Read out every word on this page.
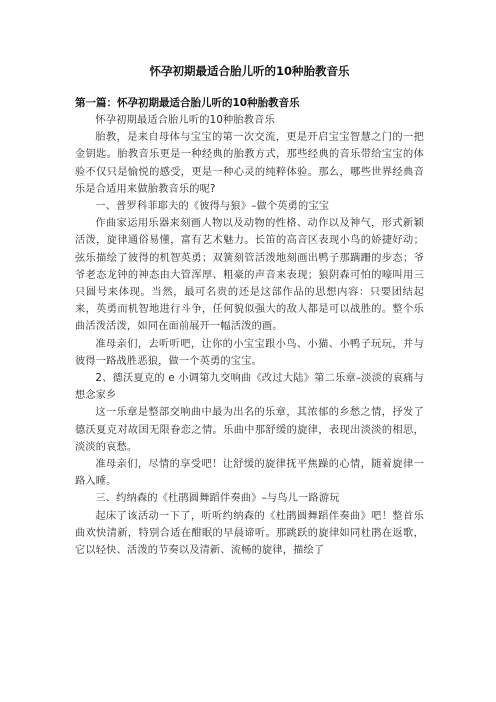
怀孕初期最适合胎儿听的10种胎教音乐
第一篇：怀孕初期最适合胎儿听的10种胎教音乐

怀孕初期最适合胎儿听的10种胎教音乐

胎教，是来自母体与宝宝的第一次交流，更是开启宝宝智慧之门的一把金钥匙。胎教音乐更是一种经典的胎教方式，那些经典的音乐带给宝宝的体验不仅只是愉悦的感受，更是一种心灵的纯粹体验。那么，哪些世界经典音乐是合适用来做胎教音乐的呢?

一、普罗科菲耶夫的《彼得与狼》–做个英勇的宝宝

作曲家运用乐器来刻画人物以及动物的性格、动作以及神气，形式新颖活泼，旋律通俗易懂，富有艺术魅力。长笛的高音区表现小鸟的娇捷好动；弦乐描绘了彼得的机智英勇；双簧刻管活泼地刻画出鸭子那蹒跚的步态；爷爷老态龙钟的神态由大管浑厚、粗豪的声音来表现；狼阴森可怕的嚎叫用三只圆号来体现。当然，最可名贵的还是这部作品的思想内容：只要团结起来，英勇而机智地进行斗争，任何貌似强大的敌人都是可以战胜的。整个乐曲活泼活泼，如同在面前展开一幅活泼的画。

准母亲们，去听听吧，让你的小宝宝跟小鸟、小猫、小鸭子玩玩，并与彼得一路战胜恶狼，做一个英勇的宝宝。

2、德沃夏克的 e 小调第九交响曲《改过大陆》第二乐章–淡淡的哀痛与想念家乡

这一乐章是整部交响曲中最为出名的乐章，其浓郁的乡愁之情，抒发了德沃夏克对故国无限眷恋之情。乐曲中那舒缓的旋律，表现出淡淡的相思，淡淡的哀愁。

准母亲们，尽情的享受吧！让舒缓的旋律抚平焦躁的心情，随着旋律一路入睡。

三、约纳森的《杜鹃圆舞蹈伴奏曲》–与鸟儿一路游玩

起床了该活动一下了，听听约纳森的《杜鹃圆舞蹈伴奏曲》吧！整首乐曲欢快清新，特别合适在酣眠的早晨谛听。那跳跃的旋律如同杜鹃在返歌，它以轻快、活泼的节奏以及清新、流畅的旋律，描绘了
